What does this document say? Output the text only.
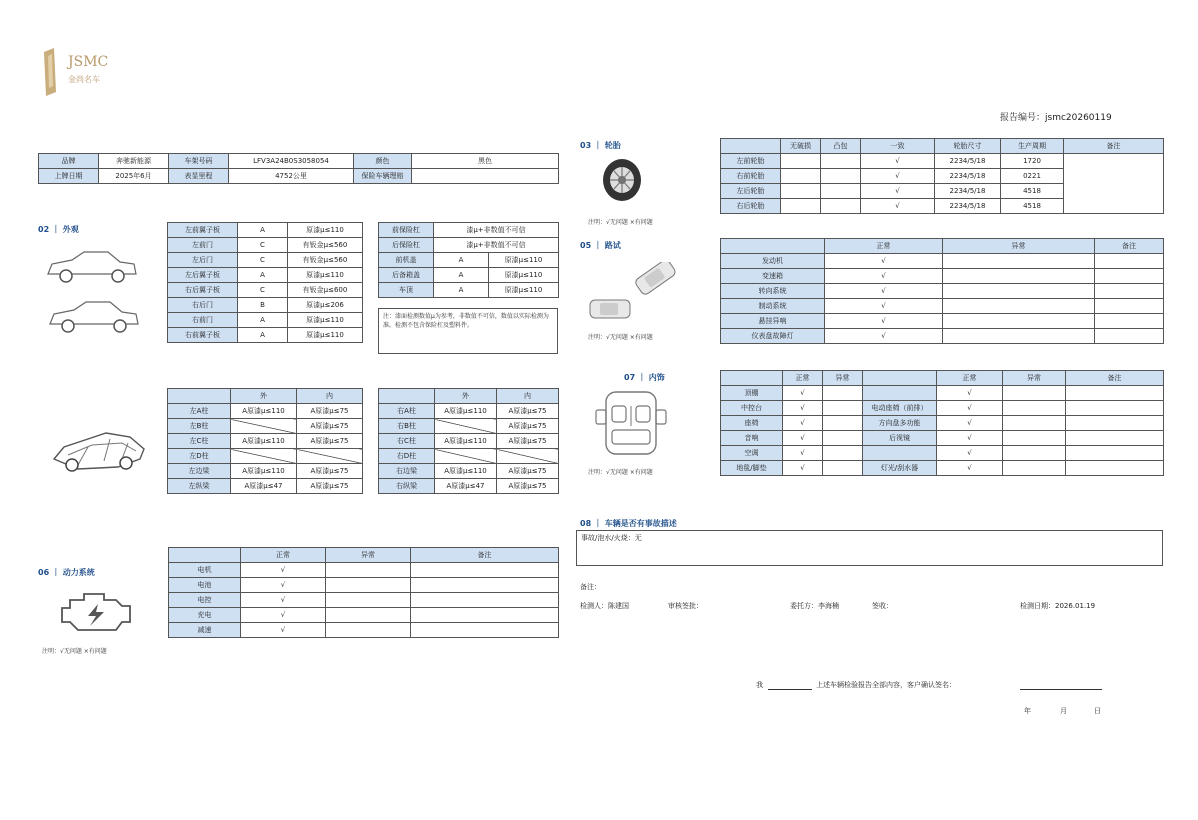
JSMC
金尚名车
报告编号：jsmc20260119
品牌	奔驰新能源	车架号码	LFV3A24B0S3058054	颜色	黑色
上牌日期	2025年6月	表显里程	4752公里	保险车辆理赔	
02 ｜ 外观	左前翼子板	A	原漆μ≤110
左前门	C	有钣金μ≤560
左后门	C	有钣金μ≤560
左后翼子板	A	原漆μ≤110
右后翼子板	C	有钣金μ≤600
右后门	B	原漆μ≤206
右前门	A	原漆μ≤110
右前翼子板	A	原漆μ≤110
前保险杠	漆μ+非数值不可信	
后保险杠	漆μ+非数值不可信	
前机盖	A	原漆μ≤110
后备箱盖	A	原漆μ≤110
车顶	A	原漆μ≤110
注：漆面检测数值μ为参考，非数值不可信，数值以实际检测为准。检测不包含保险杠及塑料件。
	外	内
左A柱	A原漆μ≤110	A原漆μ≤75
左B柱		A原漆μ≤75
左C柱	A原漆μ≤110	A原漆μ≤75
左D柱		
左边梁	A原漆μ≤110	A原漆μ≤75
左纵梁	A原漆μ≤47	A原漆μ≤75
	外	内
右A柱	A原漆μ≤110	A原漆μ≤75
右B柱		A原漆μ≤75
右C柱	A原漆μ≤110	A原漆μ≤75
右D柱		
右边梁	A原漆μ≤110	A原漆μ≤75
右纵梁	A原漆μ≤47	A原漆μ≤75
06 ｜ 动力系统
注明：√无问题 ×有问题
	正常	异常	备注
电机	√		
电池	√		
电控	√		
充电	√		
减速	√		
03 ｜ 轮胎
注明：√无问题 ×有问题
	无破损	凸包	一致	轮胎尺寸	生产周期	备注
左前轮胎			√	2234/5/18	1720	
右前轮胎			√	2234/5/18	0221	
左后轮胎			√	2234/5/18	4518	
右后轮胎			√	2234/5/18	4518	
05 ｜ 路试
注明：√无问题 ×有问题
	正常	异常	备注
发动机	√		
变速箱	√		
转向系统	√		
制动系统	√		
悬挂异响	√		
仪表盘故障灯	√		
07 ｜ 内饰
注明：√无问题 ×有问题
	正常	异常		正常	异常	备注
顶棚	√			√		
中控台	√		电动座椅（前排）	√		
座椅	√		方向盘多功能	√		
音响	√		后视镜	√		
空调	√			√		
地毯/脚垫	√		灯光/刮水器	√		
08 ｜ 车辆是否有事故描述
事故/泡水/火烧：无
备注：
检测人：陈建国	审核签批：	委托方：李海楠	签收：	检测日期：2026.01.19
我	上述车辆检验报告全部内容，客户确认签名：
年	月	日
